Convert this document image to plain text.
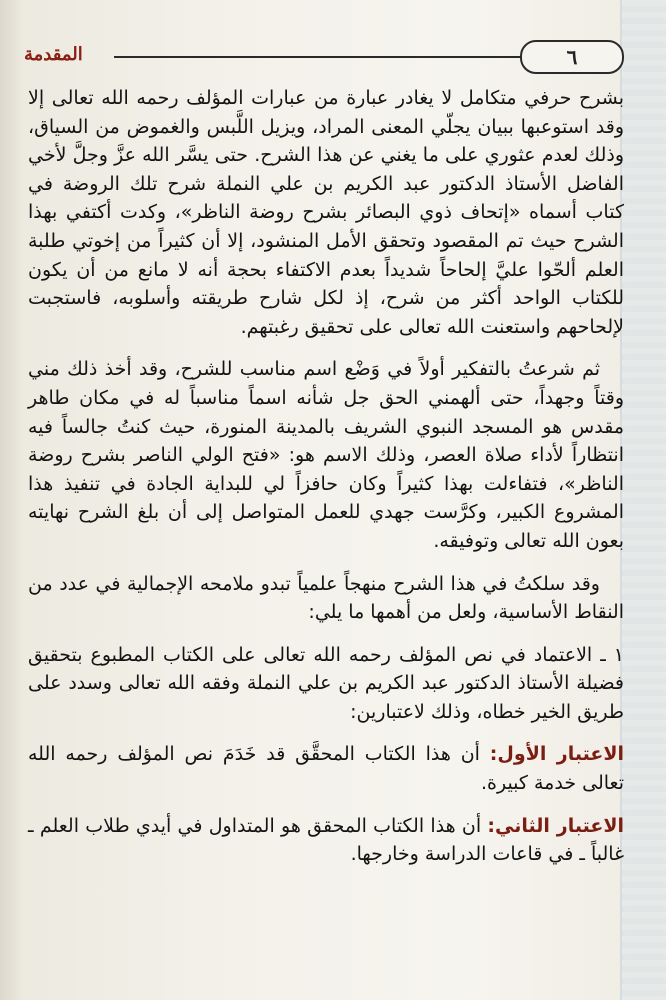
المقدمة	٦

بشرح حرفي متكامل لا يغادر عبارة من عبارات المؤلف رحمه الله تعالى إلا وقد استوعبها ببيان يجلّي المعنى المراد، ويزيل اللَّبس والغموض من السياق، وذلك لعدم عثوري على ما يغني عن هذا الشرح. حتى يسَّر الله عزَّ وجلَّ لأخي الفاضل الأستاذ الدكتور عبد الكريم بن علي النملة شرح تلك الروضة في كتاب أسماه «إتحاف ذوي البصائر بشرح روضة الناظر»، وكدت أكتفي بهذا الشرح حيث تم المقصود وتحقق الأمل المنشود، إلا أن كثيراً من إخوتي طلبة العلم ألحّوا عليَّ إلحاحاً شديداً بعدم الاكتفاء بحجة أنه لا مانع من أن يكون للكتاب الواحد أكثر من شرح، إذ لكل شارح طريقته وأسلوبه، فاستجبت لإلحاحهم واستعنت الله تعالى على تحقيق رغبتهم.

ثم شرعتُ بالتفكير أولاً في وَضْع اسم مناسب للشرح، وقد أخذ ذلك مني وقتاً وجهداً، حتى ألهمني الحق جل شأنه اسماً مناسباً له في مكان طاهر مقدس هو المسجد النبوي الشريف بالمدينة المنورة، حيث كنتُ جالساً فيه انتظاراً لأداء صلاة العصر، وذلك الاسم هو: «فتح الولي الناصر بشرح روضة الناظر»، فتفاءلت بهذا كثيراً وكان حافزاً لي للبداية الجادة في تنفيذ هذا المشروع الكبير، وكرَّست جهدي للعمل المتواصل إلى أن بلغ الشرح نهايته بعون الله تعالى وتوفيقه.

وقد سلكتُ في هذا الشرح منهجاً علمياً تبدو ملامحه الإجمالية في عدد من النقاط الأساسية، ولعل من أهمها ما يلي:

١ ـ الاعتماد في نص المؤلف رحمه الله تعالى على الكتاب المطبوع بتحقيق فضيلة الأستاذ الدكتور عبد الكريم بن علي النملة وفقه الله تعالى وسدد على طريق الخير خطاه، وذلك لاعتبارين:

الاعتبار الأول: أن هذا الكتاب المحقَّق قد خَدَمَ نص المؤلف رحمه الله تعالى خدمة كبيرة.

الاعتبار الثاني: أن هذا الكتاب المحقق هو المتداول في أيدي طلاب العلم ـ غالباً ـ في قاعات الدراسة وخارجها.
